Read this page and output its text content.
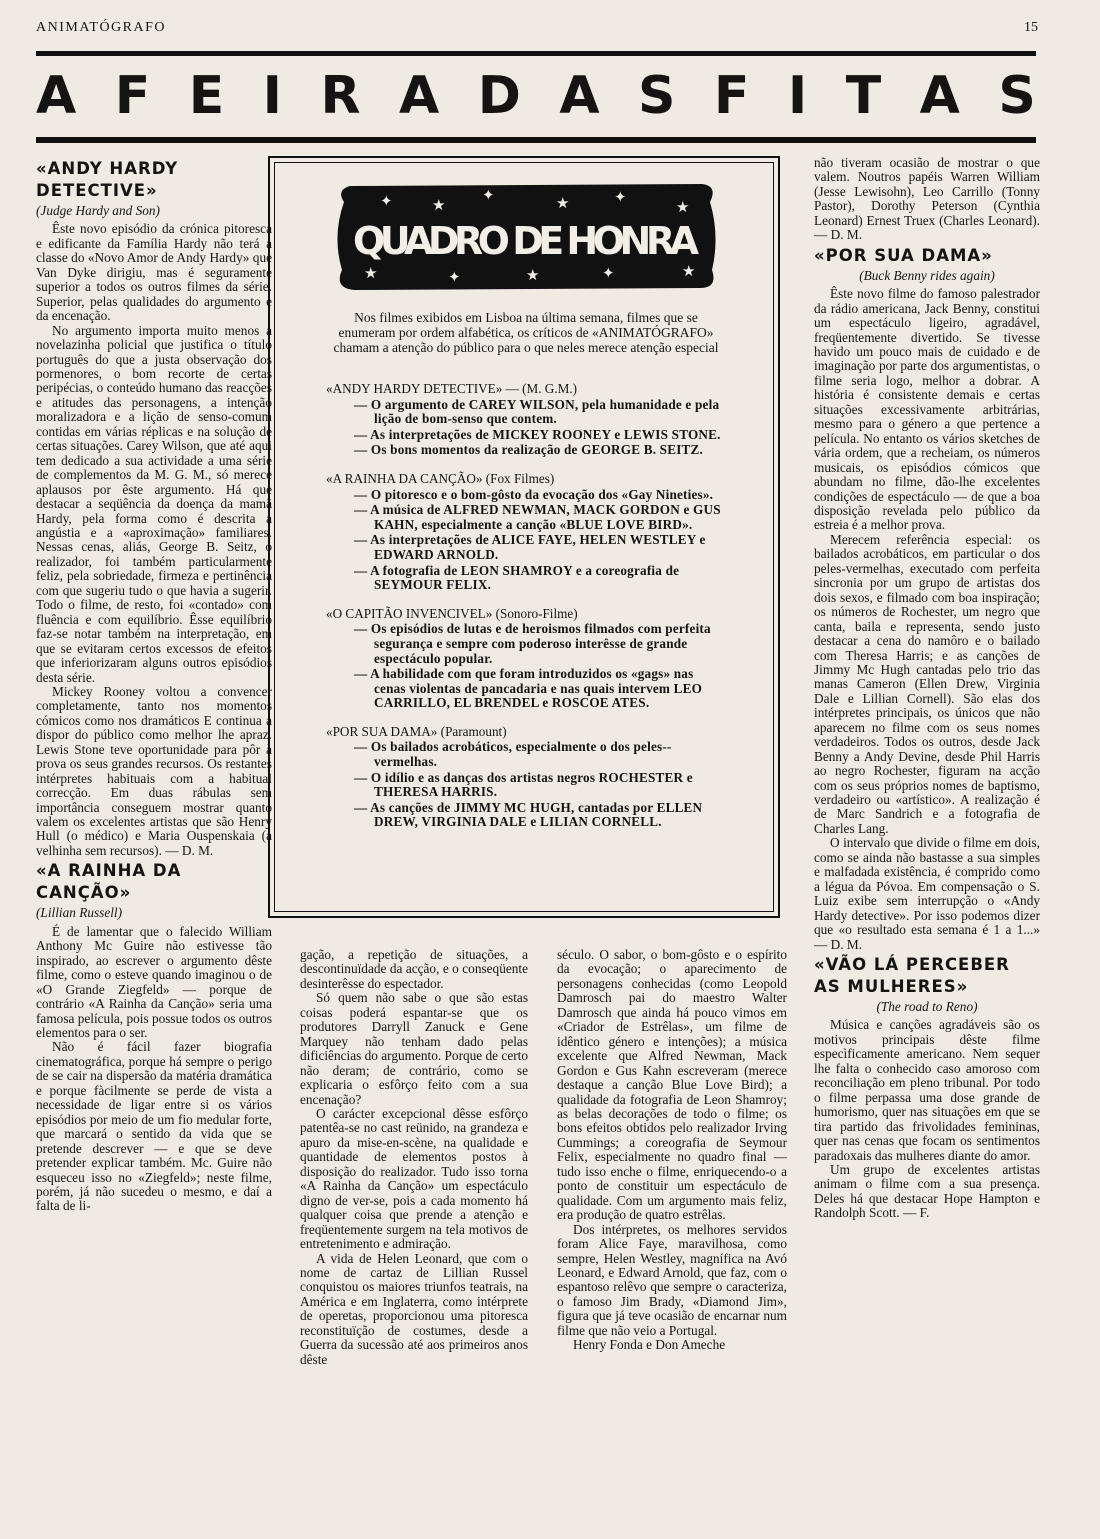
ANIMATÓGRAFO	15
A F E I R A D A S F I T A S
«ANDY HARDY DETECTIVE»

(Judge Hardy and Son)

Êste novo episódio da crónica pitoresca e edificante da Família Hardy não terá a classe do «Novo Amor de Andy Hardy» que Van Dyke dirigiu, mas é seguramente superior a todos os outros filmes da série. Superior, pelas qualidades do argumento e da encenação.

No argumento importa muito menos a novelazinha policial que justifica o título português do que a justa observação dos pormenores, o bom recorte de certas peripécias, o conteúdo humano das reacções e atitudes das personagens, a intenção moralizadora e a lição de senso-comum contidas em várias réplicas e na solução de certas situações. Carey Wilson, que até aqui tem dedicado a sua actividade a uma série de complementos da M. G. M., só merece aplausos por êste argumento. Há que destacar a seqüência da doença da mamã Hardy, pela forma como é descrita a angústia e a «aproximação» familiares. Nessas cenas, aliás, George B. Seitz, o realizador, foi também particularmente feliz, pela sobriedade, firmeza e pertinência com que sugeriu tudo o que havia a sugerir. Todo o filme, de resto, foi «contado» com fluência e com equilíbrio. Êsse equilíbrio faz-se notar também na interpretação, em que se evitaram certos excessos de efeitos que inferiorizaram alguns outros episódios desta série.

Mickey Rooney voltou a convencer completamente, tanto nos momentos cómicos como nos dramáticos E continua a dispor do público como melhor lhe apraz. Lewis Stone teve oportunidade para pôr à prova os seus grandes recursos. Os restantes intérpretes habituais com a habitual correcção. Em duas rábulas sem importância conseguem mostrar quanto valem os excelentes artistas que são Henry Hull (o médico) e Maria Ouspenskaia (a velhinha sem recursos). — D. M.

«A RAINHA DA CANÇÃO»

(Lillian Russell)

É de lamentar que o falecido William Anthony Mc Guire não estivesse tão inspirado, ao escrever o argumento dêste filme, como o esteve quando imaginou o de «O Grande Ziegfeld» — porque de contrário «A Rainha da Canção» seria uma famosa película, pois possue todos os outros elementos para o ser.

Não é fácil fazer biografia cinematográfica, porque há sempre o perigo de se cair na dispersão da matéria dramática e porque fàcilmente se perde de vista a necessidade de ligar entre si os vários episódios por meio de um fio medular forte, que marcará o sentido da vida que se pretende descrever — e que se deve pretender explicar também. Mc. Guire não esqueceu isso no «Ziegfeld»; neste filme, porém, já não sucedeu o mesmo, e daí a falta de li-

✦	★
✦	★	✦
★
★	✦	★	✦	★
QUADRO DE HONRA
Nos filmes exibidos em Lisboa na última semana, filmes que se enumeram por ordem alfabética, os críticos de «ANIMATÓGRAFO» chamam a atenção do público para o que neles merece atenção especial

«ANDY HARDY DETECTIVE» — (M. G.M.)

— O argumento de CAREY WILSON, pela humanidade e pela lição de bom-senso que contem.

— As interpretações de MICKEY ROONEY e LEWIS STONE.

— Os bons momentos da realização de GEORGE B. SEITZ.

«A RAINHA DA CANÇÃO» (Fox Filmes)

— O pitoresco e o bom-gôsto da evocação dos «Gay Nineties».

— A música de ALFRED NEWMAN, MACK GORDON e GUS KAHN, especialmente a canção «BLUE LOVE BIRD».

— As interpretações de ALICE FAYE, HELEN WESTLEY e EDWARD ARNOLD.

— A fotografia de LEON SHAMROY e a coreografia de SEYMOUR FELIX.

«O CAPITÃO INVENCIVEL» (Sonoro-Filme)

— Os episódios de lutas e de heroismos filmados com perfeita segurança e sempre com poderoso interêsse de grande espectáculo popular.

— A habilidade com que foram introduzidos os «gags» nas cenas violentas de pancadaria e nas quais intervem LEO CARRILLO, EL BRENDEL e ROSCOE ATES.

«POR SUA DAMA» (Paramount)

— Os bailados acrobáticos, especialmente o dos peles--vermelhas.

— O idílio e as danças dos artistas negros ROCHESTER e THERESA HARRIS.

— As canções de JIMMY MC HUGH, cantadas por ELLEN DREW, VIRGINIA DALE e LILIAN CORNELL.

gação, a repetição de situações, a descontinuïdade da acção, e o conseqüente desinterêsse do espectador.

Só quem não sabe o que são estas coisas poderá espantar-se que os produtores Darryll Zanuck e Gene Marquey não tenham dado pelas dificiências do argumento. Porque de certo não deram; de contrário, como se explicaria o esfôrço feito com a sua encenação?

O carácter excepcional dêsse esfôrço patentêa-se no cast reünido, na grandeza e apuro da mise-en-scène, na qualidade e quantidade de elementos postos à disposição do realizador. Tudo isso torna «A Rainha da Canção» um espectáculo digno de ver-se, pois a cada momento há qualquer coisa que prende a atenção e freqüentemente surgem na tela motivos de entretenimento e admiração.

A vida de Helen Leonard, que com o nome de cartaz de Lillian Russel conquistou os maiores triunfos teatrais, na América e em Inglaterra, como intérprete de operetas, proporcionou uma pitoresca reconstituïção de costumes, desde a Guerra da sucessão até aos primeiros anos dêste

século. O sabor, o bom-gôsto e o espírito da evocação; o aparecimento de personagens conhecidas (como Leopold Damrosch pai do maestro Walter Damrosch que ainda há pouco vimos em «Criador de Estrêlas», um filme de idêntico género e intenções); a música excelente que Alfred Newman, Mack Gordon e Gus Kahn escreveram (merece destaque a canção Blue Love Bird); a qualidade da fotografia de Leon Shamroy; as belas decorações de todo o filme; os bons efeitos obtidos pelo realizador Irving Cummings; a coreografia de Seymour Felix, especialmente no quadro final — tudo isso enche o filme, enriquecendo-o a ponto de constituir um espectáculo de qualidade. Com um argumento mais feliz, era produção de quatro estrêlas.

Dos intérpretes, os melhores servidos foram Alice Faye, maravilhosa, como sempre, Helen Westley, magnífica na Avó Leonard, e Edward Arnold, que faz, com o espantoso relêvo que sempre o caracteriza, o famoso Jim Brady, «Diamond Jim», figura que já teve ocasião de encarnar num filme que não veio a Portugal.

Henry Fonda e Don Ameche

não tiveram ocasião de mostrar o que valem. Noutros papéis Warren William (Jesse Lewisohn), Leo Carrillo (Tonny Pastor), Dorothy Peterson (Cynthia Leonard) Ernest Truex (Charles Leonard). — D. M.

«POR SUA DAMA»

(Buck Benny rides again)

Êste novo filme do famoso palestrador da rádio americana, Jack Benny, constitui um espectáculo ligeiro, agradável, freqüentemente divertido. Se tivesse havido um pouco mais de cuidado e de imaginação por parte dos argumentistas, o filme seria logo, melhor a dobrar. A história é consistente demais e certas situações excessivamente arbitrárias, mesmo para o género a que pertence a película. No entanto os vários sketches de vária ordem, que a recheiam, os números musicais, os episódios cómicos que abundam no filme, dão-lhe excelentes condições de espectáculo — de que a boa disposição revelada pelo público da estreia é a melhor prova.

Merecem referência especial: os bailados acrobáticos, em particular o dos peles-vermelhas, executado com perfeita sincronia por um grupo de artistas dos dois sexos, e filmado com boa inspiração; os números de Rochester, um negro que canta, baila e representa, sendo justo destacar a cena do namôro e o bailado com Theresa Harris; e as canções de Jimmy Mc Hugh cantadas pelo trio das manas Cameron (Ellen Drew, Virginia Dale e Lillian Cornell). São elas dos intérpretes principais, os únicos que não aparecem no filme com os seus nomes verdadeiros. Todos os outros, desde Jack Benny a Andy Devine, desde Phil Harris ao negro Rochester, figuram na acção com os seus próprios nomes de baptismo, verdadeiro ou «artístico». A realização é de Marc Sandrich e a fotografia de Charles Lang.

O intervalo que divide o filme em dois, como se ainda não bastasse a sua simples e malfadada existência, é comprido como a légua da Póvoa. Em compensação o S. Luiz exibe sem interrupção o «Andy Hardy detective». Por isso podemos dizer que «o resultado esta semana é 1 a 1...» — D. M.

«VÃO LÁ PERCEBER AS MULHERES»

(The road to Reno)

Música e canções agradáveis são os motivos principais dêste filme especìficamente americano. Nem sequer lhe falta o conhecido caso amoroso com reconciliação em pleno tribunal. Por todo o filme perpassa uma dose grande de humorismo, quer nas situações em que se tira partido das frivolidades femininas, quer nas cenas que focam os sentimentos paradoxais das mulheres diante do amor.

Um grupo de excelentes artistas animam o filme com a sua presença. Deles há que destacar Hope Hampton e Randolph Scott. — F.
